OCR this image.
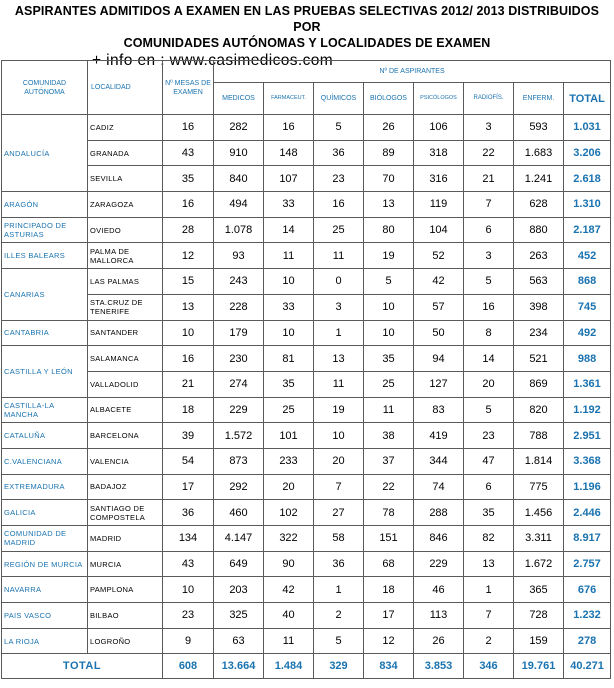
ASPIRANTES ADMITIDOS A EXAMEN EN LAS PRUEBAS SELECTIVAS 2012/ 2013 DISTRIBUIDOS POR
COMUNIDADES AUTÓNOMAS Y LOCALIDADES DE EXAMEN
+ info en : www.casimedicos.com
COMUNIDAD AUTÓNOMA	LOCALIDAD	Nº MESAS DE EXAMEN	Nº DE ASPIRANTES							
			MEDICOS	FARMACEUT.	QUÍMICOS	BIÓLOGOS	PSICÓLOGOS	RADIOFÍS.	ENFERM.	TOTAL
ANDALUCÍA	CADIZ	16	282	16	5	26	106	3	593	1.031
	GRANADA	43	910	148	36	89	318	22	1.683	3.206
	SEVILLA	35	840	107	23	70	316	21	1.241	2.618
ARAGÓN	ZARAGOZA	16	494	33	16	13	119	7	628	1.310
PRINCIPADO DE ASTURIAS	OVIEDO	28	1.078	14	25	80	104	6	880	2.187
ILLES BALEARS	PALMA DE MALLORCA	12	93	11	11	19	52	3	263	452
CANARIAS	LAS PALMAS	15	243	10	0	5	42	5	563	868
	STA.CRUZ DE TENERIFE	13	228	33	3	10	57	16	398	745
CANTABRIA	SANTANDER	10	179	10	1	10	50	8	234	492
CASTILLA Y LEÓN	SALAMANCA	16	230	81	13	35	94	14	521	988
	VALLADOLID	21	274	35	11	25	127	20	869	1.361
CASTILLA-LA MANCHA	ALBACETE	18	229	25	19	11	83	5	820	1.192
CATALUÑA	BARCELONA	39	1.572	101	10	38	419	23	788	2.951
C.VALENCIANA	VALENCIA	54	873	233	20	37	344	47	1.814	3.368
EXTREMADURA	BADAJOZ	17	292	20	7	22	74	6	775	1.196
GALICIA	SANTIAGO DE COMPOSTELA	36	460	102	27	78	288	35	1.456	2.446
COMUNIDAD DE MADRID	MADRID	134	4.147	322	58	151	846	82	3.311	8.917
REGIÓN DE MURCIA	MURCIA	43	649	90	36	68	229	13	1.672	2.757
NAVARRA	PAMPLONA	10	203	42	1	18	46	1	365	676
PAIS VASCO	BILBAO	23	325	40	2	17	113	7	728	1.232
LA RIOJA	LOGROÑO	9	63	11	5	12	26	2	159	278
TOTAL		608	13.664	1.484	329	834	3.853	346	19.761	40.271
